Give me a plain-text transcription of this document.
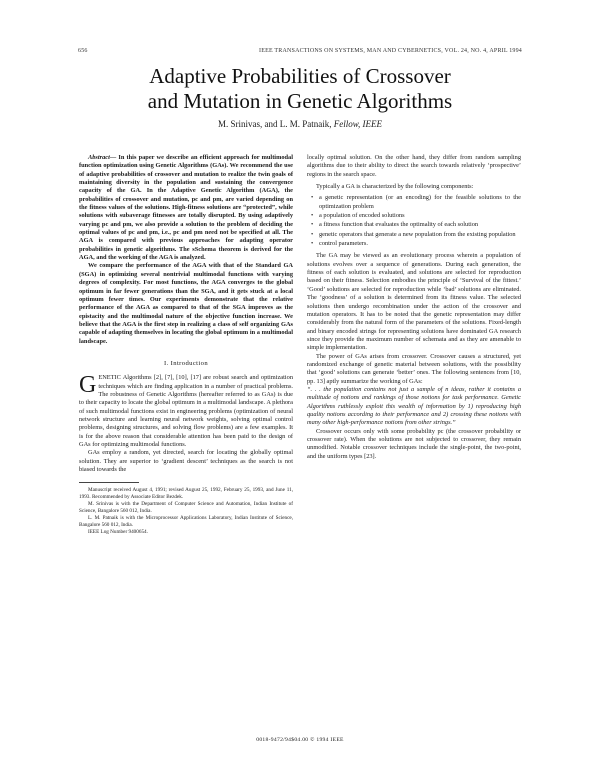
656	IEEE TRANSACTIONS ON SYSTEMS, MAN AND CYBERNETICS, VOL. 24, NO. 4, APRIL 1994
Adaptive Probabilities of Crossover
and Mutation in Genetic Algorithms
M. Srinivas, and L. M. Patnaik, Fellow, IEEE

Abstract— In this paper we describe an efficient approach for multimodal function optimization using Genetic Algorithms (GAs). We recommend the use of adaptive probabilities of crossover and mutation to realize the twin goals of maintaining diversity in the population and sustaining the convergence capacity of the GA. In the Adaptive Genetic Algorithm (AGA), the probabilities of crossover and mutation, pc and pm, are varied depending on the fitness values of the solutions. High-fitness solutions are “protected”, while solutions with subaverage fitnesses are totally disrupted. By using adaptively varying pc and pm, we also provide a solution to the problem of deciding the optimal values of pc and pm, i.e., pc and pm need not be specified at all. The AGA is compared with previous approaches for adapting operator probabilities in genetic algorithms. The sSchema theorem is derived for the AGA, and the working of the AGA is analyzed.

We compare the performance of the AGA with that of the Standard GA (SGA) in optimizing several nontrivial multimodal functions with varying degrees of complexity. For most functions, the AGA converges to the global optimum in far fewer generations than the SGA, and it gets stuck at a local optimum fewer times. Our experiments demonstrate that the relative performance of the AGA as compared to that of the SGA improves as the epistacity and the multimodal nature of the objective function increase. We believe that the AGA is the first step in realizing a class of self organizing GAs capable of adapting themselves in locating the global optimum in a multimodal landscape.

I. Introduction

GENETIC Algorithms [2], [7], [10], [17] are robust search and optimization techniques which are finding application in a number of practical problems. The robustness of Genetic Algorithms (hereafter referred to as GAs) is due to their capacity to locate the global optimum in a multimodal landscape. A plethora of such multimodal functions exist in engineering problems (optimization of neural network structure and learning neural network weights, solving optimal control problems, designing structures, and solving flow problems) are a few examples. It is for the above reason that considerable attention has been paid to the design of GAs for optimizing multimodal functions.

GAs employ a random, yet directed, search for locating the globally optimal solution. They are superior to ‘gradient descent’ techniques as the search is not biased towards the

Manuscript received August 4, 1991; revised August 25, 1992, February 25, 1993, and June 11, 1993. Recommended by Associate Editor Bezdek.

M. Srinivas is with the Department of Computer Science and Automation, Indian Institute of Science, Bangalore 560 012, India.

L. M. Patnaik is with the Microprocessor Applications Laboratory, Indian Institute of Science, Bangalore 560 012, India.

IEEE Log Number 9400654.

locally optimal solution. On the other hand, they differ from random sampling algorithms due to their ability to direct the search towards relatively ‘prospective’ regions in the search space.

Typically a GA is characterized by the following components:

• a genetic representation (or an encoding) for the feasible solutions to the optimization problem
• a population of encoded solutions
• a fitness function that evaluates the optimality of each solution
• genetic operators that generate a new population from the existing population
• control parameters.

The GA may be viewed as an evolutionary process wherein a population of solutions evolves over a sequence of generations. During each generation, the fitness of each solution is evaluated, and solutions are selected for reproduction based on their fitness. Selection embodies the principle of ‘Survival of the fittest.’ ‘Good’ solutions are selected for reproduction while ‘bad’ solutions are eliminated. The ‘goodness’ of a solution is determined from its fitness value. The selected solutions then undergo recombination under the action of the crossover and mutation operators. It has to be noted that the genetic representation may differ considerably from the natural form of the parameters of the solutions. Fixed-length and binary encoded strings for representing solutions have dominated GA research since they provide the maximum number of schemata and as they are amenable to simple implementation.

The power of GAs arises from crossover. Crossover causes a structured, yet randomized exchange of genetic material between solutions, with the possibility that ‘good’ solutions can generate ‘better’ ones. The following sentences from [10, pp. 13] aptly summarize the working of GAs:

“. . . the population contains not just a sample of n ideas, rather it contains a multitude of notions and rankings of those notions for task performance. Genetic Algorithms ruthlessly exploit this wealth of information by 1) reproducing high quality notions according to their performance and 2) crossing these notions with many other high-performance notions from other strings.”

Crossover occurs only with some probability pc (the crossover probability or crossover rate). When the solutions are not subjected to crossover, they remain unmodified. Notable crossover techniques include the single-point, the two-point, and the uniform types [23].

0018-9472/94$04.00 © 1994 IEEE
